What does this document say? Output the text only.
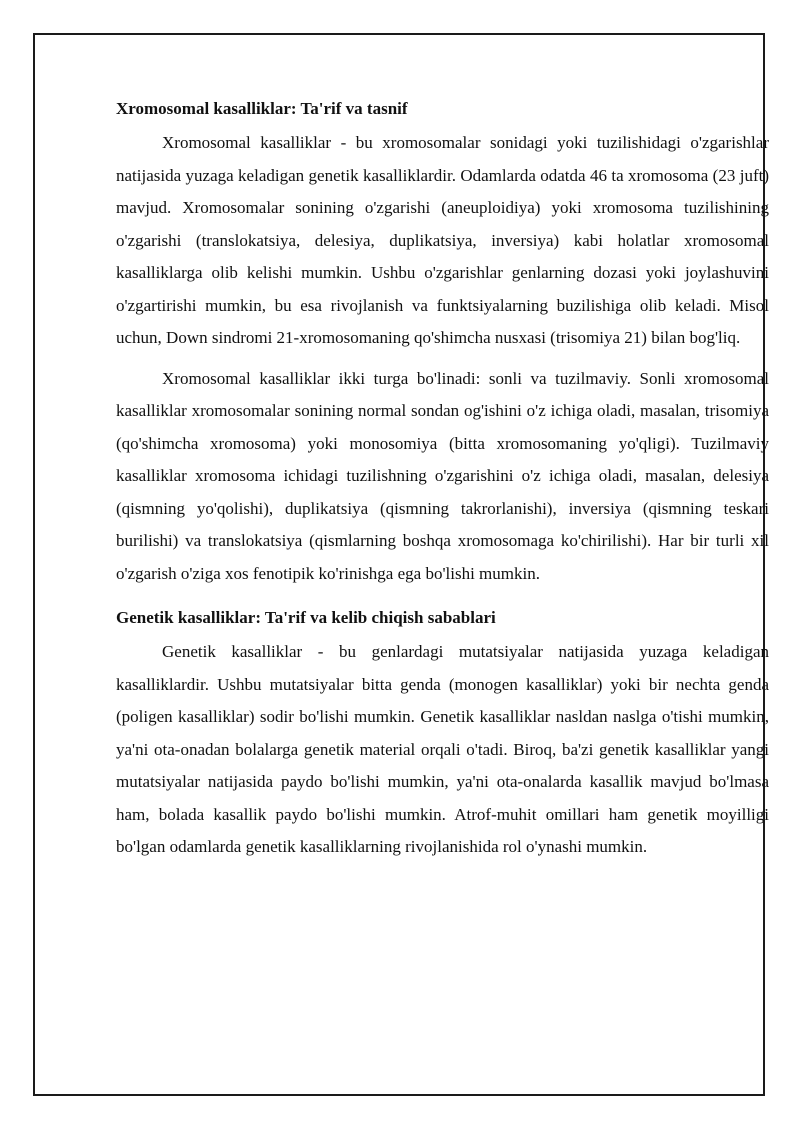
Xromosomal kasalliklar: Ta'rif va tasnif

Xromosomal kasalliklar - bu xromosomalar sonidagi yoki tuzilishidagi o'zgarishlar natijasida yuzaga keladigan genetik kasalliklardir. Odamlarda odatda 46 ta xromosoma (23 juft) mavjud. Xromosomalar sonining o'zgarishi (aneuploidiya) yoki xromosoma tuzilishining o'zgarishi (translokatsiya, delesiya, duplikatsiya, inversiya) kabi holatlar xromosomal kasalliklarga olib kelishi mumkin. Ushbu o'zgarishlar genlarning dozasi yoki joylashuvini o'zgartirishi mumkin, bu esa rivojlanish va funktsiyalarning buzilishiga olib keladi. Misol uchun, Down sindromi 21-xromosomaning qo'shimcha nusxasi (trisomiya 21) bilan bog'liq.

Xromosomal kasalliklar ikki turga bo'linadi: sonli va tuzilmaviy. Sonli xromosomal kasalliklar xromosomalar sonining normal sondan og'ishini o'z ichiga oladi, masalan, trisomiya (qo'shimcha xromosoma) yoki monosomiya (bitta xromosomaning yo'qligi). Tuzilmaviy kasalliklar xromosoma ichidagi tuzilishning o'zgarishini o'z ichiga oladi, masalan, delesiya (qismning yo'qolishi), duplikatsiya (qismning takrorlanishi), inversiya (qismning teskari burilishi) va translokatsiya (qismlarning boshqa xromosomaga ko'chirilishi). Har bir turli xil o'zgarish o'ziga xos fenotipik ko'rinishga ega bo'lishi mumkin.

Genetik kasalliklar: Ta'rif va kelib chiqish sabablari

Genetik kasalliklar - bu genlardagi mutatsiyalar natijasida yuzaga keladigan kasalliklardir. Ushbu mutatsiyalar bitta genda (monogen kasalliklar) yoki bir nechta genda (poligen kasalliklar) sodir bo'lishi mumkin. Genetik kasalliklar nasldan naslga o'tishi mumkin, ya'ni ota-onadan bolalarga genetik material orqali o'tadi. Biroq, ba'zi genetik kasalliklar yangi mutatsiyalar natijasida paydo bo'lishi mumkin, ya'ni ota-onalarda kasallik mavjud bo'lmasa ham, bolada kasallik paydo bo'lishi mumkin. Atrof-muhit omillari ham genetik moyilligi bo'lgan odamlarda genetik kasalliklarning rivojlanishida rol o'ynashi mumkin.
